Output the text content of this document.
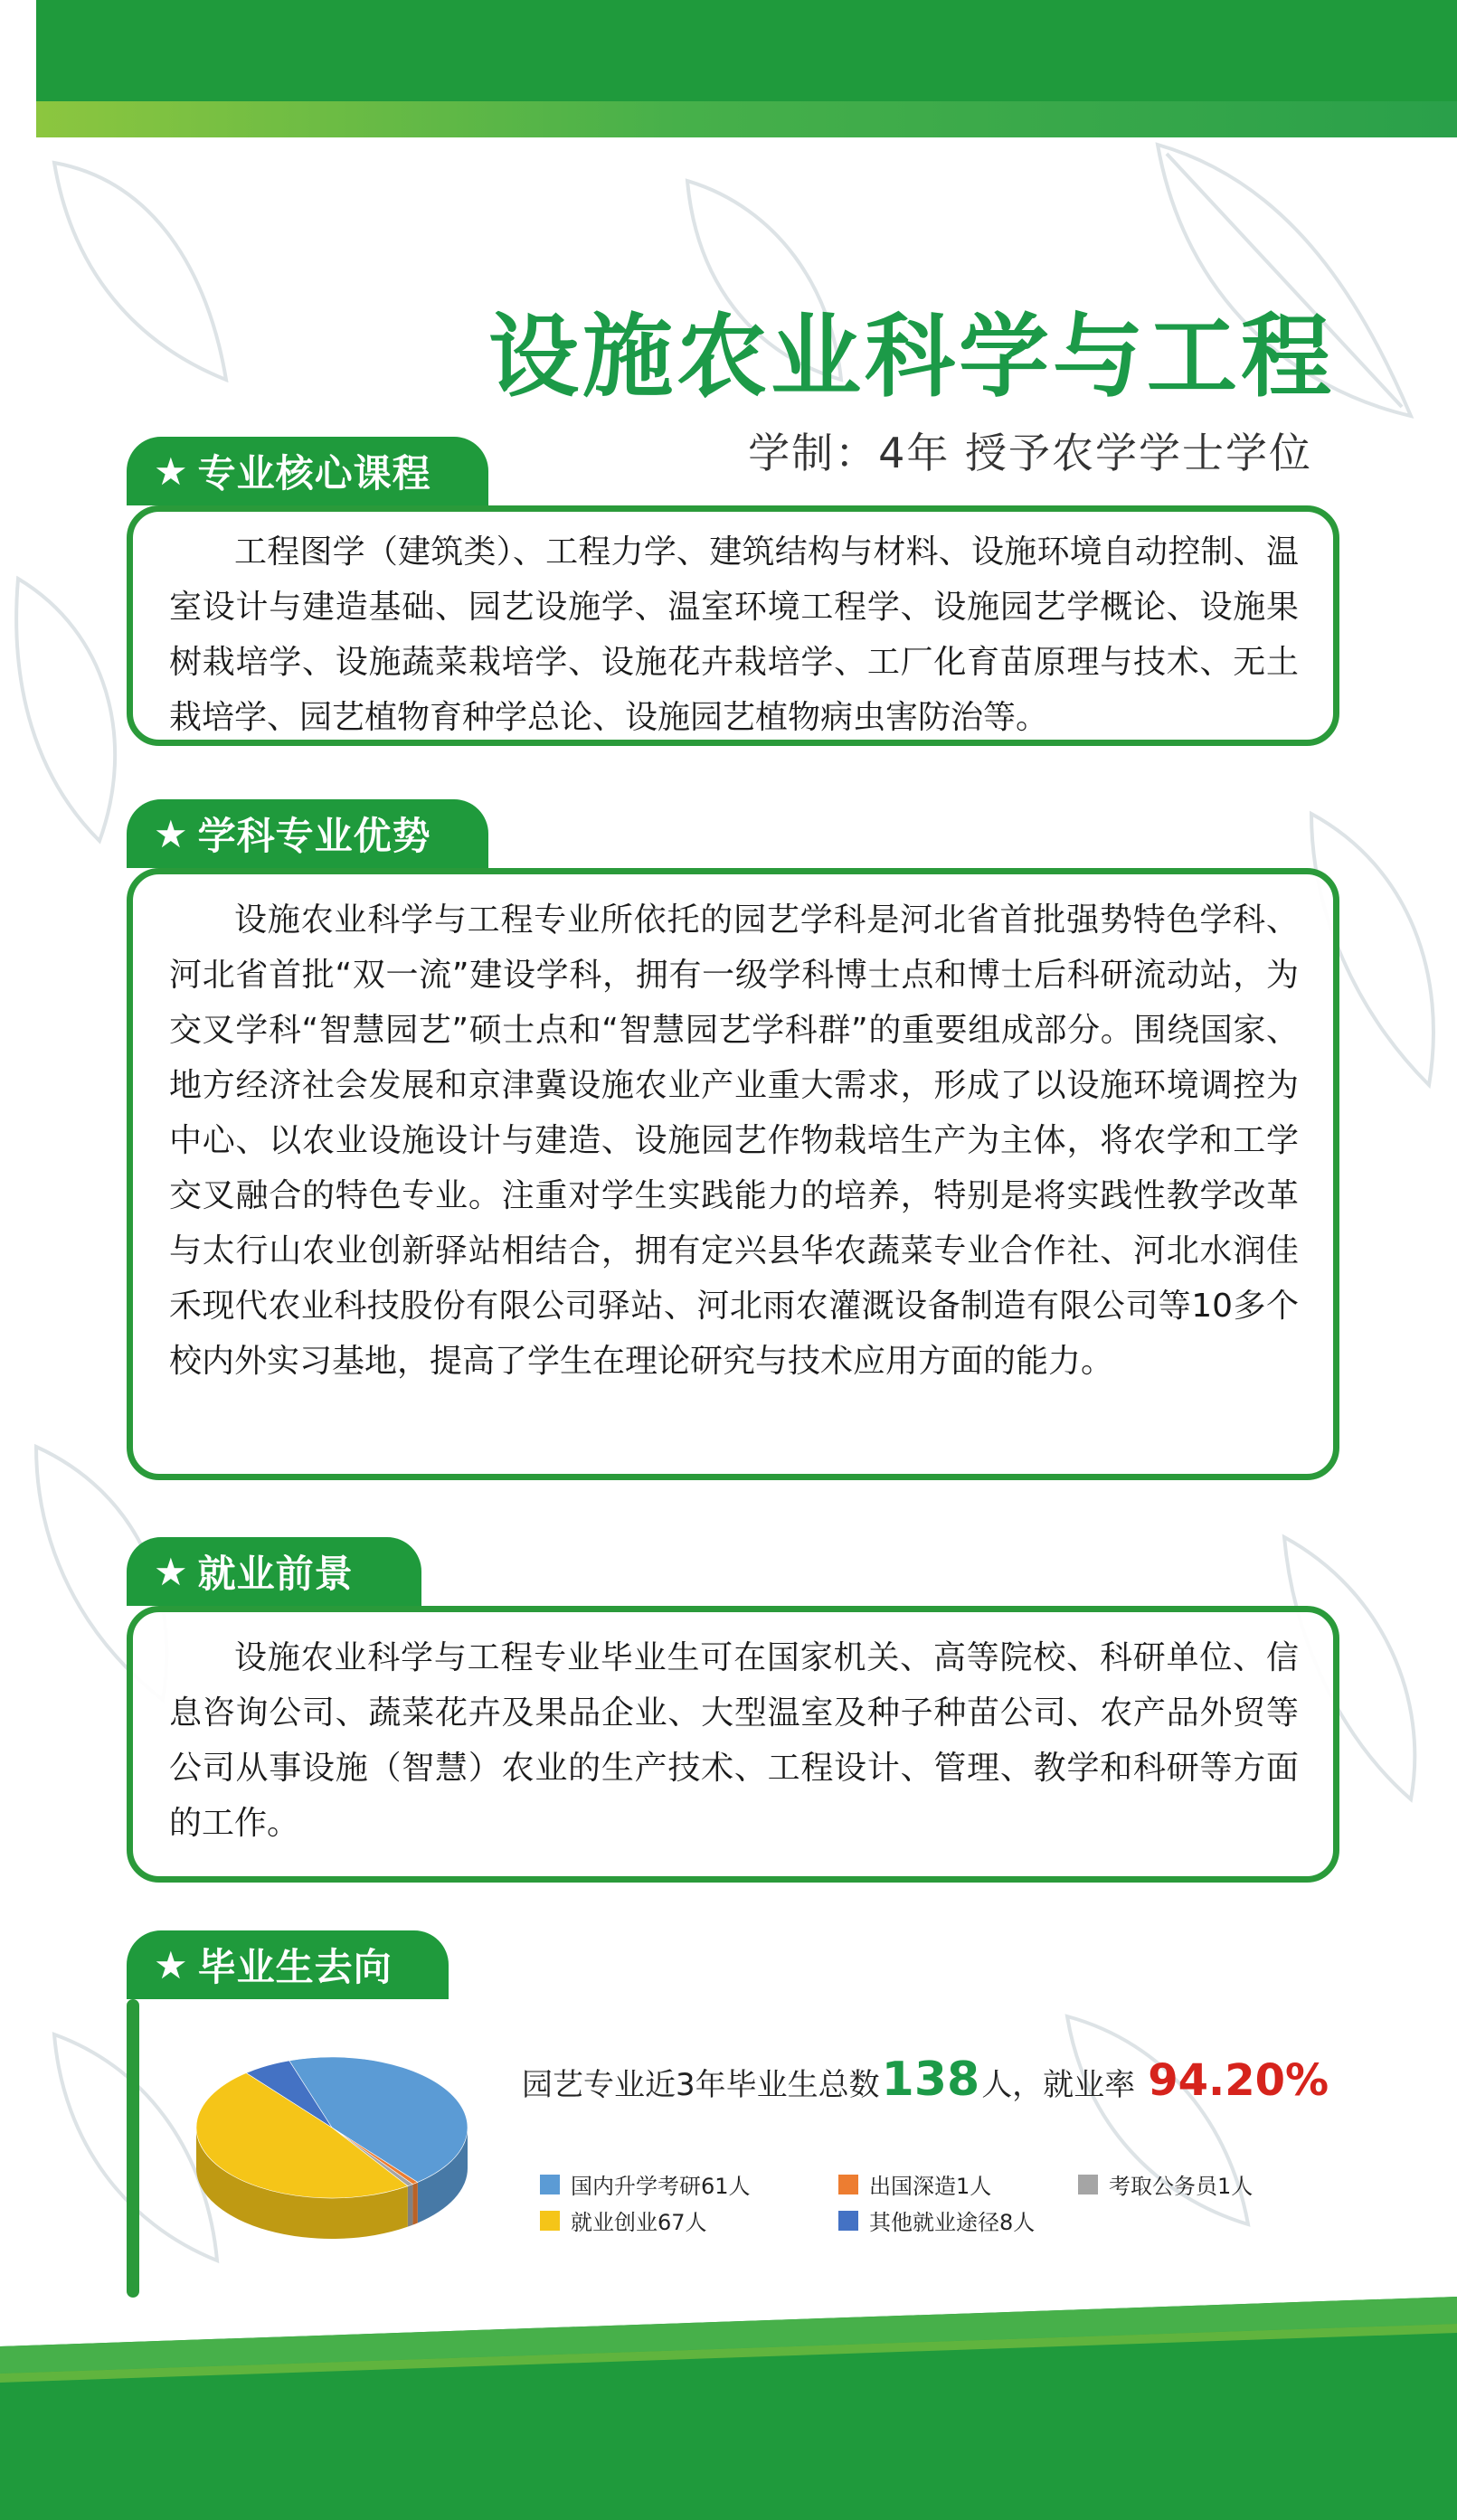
设施农业科学与工程
学制：4年 授予农学学士学位
★ 专业核心课程

工程图学（建筑类）、工程力学、建筑结构与材料、设施环境自动控制、温室设计与建造基础、园艺设施学、温室环境工程学、设施园艺学概论、设施果树栽培学、设施蔬菜栽培学、设施花卉栽培学、工厂化育苗原理与技术、无土栽培学、园艺植物育种学总论、设施园艺植物病虫害防治等。

★ 学科专业优势

设施农业科学与工程专业所依托的园艺学科是河北省首批强势特色学科、河北省首批“双一流”建设学科，拥有一级学科博士点和博士后科研流动站，为交叉学科“智慧园艺”硕士点和“智慧园艺学科群”的重要组成部分。围绕国家、地方经济社会发展和京津冀设施农业产业重大需求，形成了以设施环境调控为中心、以农业设施设计与建造、设施园艺作物栽培生产为主体，将农学和工学交叉融合的特色专业。注重对学生实践能力的培养，特别是将实践性教学改革与太行山农业创新驿站相结合，拥有定兴县华农蔬菜专业合作社、河北水润佳禾现代农业科技股份有限公司驿站、河北雨农灌溉设备制造有限公司等10多个校内外实习基地，提高了学生在理论研究与技术应用方面的能力。

★ 就业前景

设施农业科学与工程专业毕业生可在国家机关、高等院校、科研单位、信息咨询公司、蔬菜花卉及果品企业、大型温室及种子种苗公司、农产品外贸等公司从事设施（智慧）农业的生产技术、工程设计、管理、教学和科研等方面的工作。

★ 毕业生去向
园艺专业近3年毕业生总数 138 人，就业率 94.20%
国内升学考研61人	出国深造1人	考取公务员1人
就业创业67人	其他就业途径8人
